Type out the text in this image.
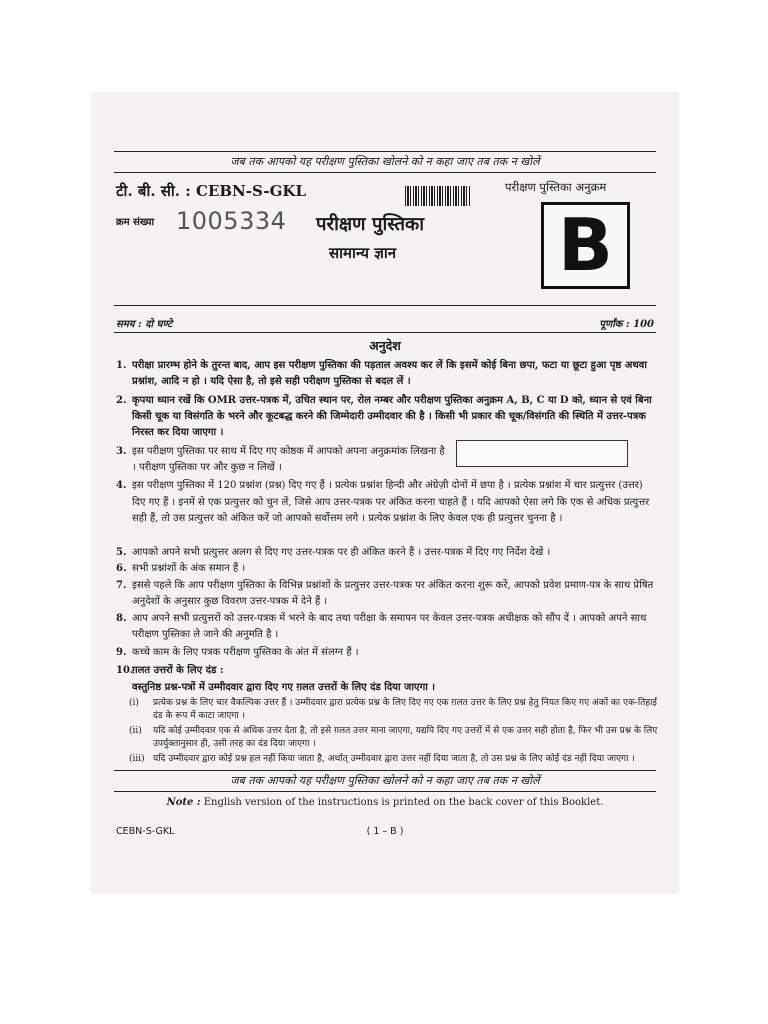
जब तक आपको यह परीक्षण पुस्तिका खोलने को न कहा जाए तब तक न खोलें
टी. बी. सी. : CEBN-S-GKL	परीक्षण पुस्तिका अनुक्रम
क्रम संख्या 1005334 परीक्षण पुस्तिका
सामान्य ज्ञान B
समय : दो घण्टे	पूर्णांक : 100
अनुदेश
1. परीक्षा प्रारम्भ होने के तुरन्त बाद, आप इस परीक्षण पुस्तिका की पड़ताल अवश्य कर लें कि इसमें कोई बिना छपा, फटा या छूटा हुआ पृष्ठ अथवा प्रश्नांश, आदि न हो । यदि ऐसा है, तो इसे सही परीक्षण पुस्तिका से बदल लें ।
2. कृपया ध्यान रखें कि OMR उत्तर-पत्रक में, उचित स्थान पर, रोल नम्बर और परीक्षण पुस्तिका अनुक्रम A, B, C या D को, ध्यान से एवं बिना किसी चूक या विसंगति के भरने और कूटबद्ध करने की जिम्मेदारी उम्मीदवार की है । किसी भी प्रकार की चूक/विसंगति की स्थिति में उत्तर-पत्रक निरस्त कर दिया जाएगा ।
3. इस परीक्षण पुस्तिका पर साथ में दिए गए कोष्ठक में आपको अपना अनुक्रमांक लिखना है । परीक्षण पुस्तिका पर और कुछ न लिखें ।
4. इस परीक्षण पुस्तिका में 120 प्रश्नांश (प्रश्न) दिए गए हैं । प्रत्येक प्रश्नांश हिन्दी और अंग्रेज़ी दोनों में छपा है । प्रत्येक प्रश्नांश में चार प्रत्युत्तर (उत्तर) दिए गए हैं । इनमें से एक प्रत्युत्तर को चुन लें, जिसे आप उत्तर-पत्रक पर अंकित करना चाहते हैं । यदि आपको ऐसा लगे कि एक से अधिक प्रत्युत्तर सही हैं, तो उस प्रत्युत्तर को अंकित करें जो आपको सर्वोत्तम लगे । प्रत्येक प्रश्नांश के लिए केवल एक ही प्रत्युत्तर चुनना है ।
5. आपको अपने सभी प्रत्युत्तर अलग से दिए गए उत्तर-पत्रक पर ही अंकित करने हैं । उत्तर-पत्रक में दिए गए निर्देश देखें ।
6. सभी प्रश्नांशों के अंक समान हैं ।
7. इससे पहले कि आप परीक्षण पुस्तिका के विभिन्न प्रश्नांशों के प्रत्युत्तर उत्तर-पत्रक पर अंकित करना शुरू करें, आपको प्रवेश प्रमाण-पत्र के साथ प्रेषित अनुदेशों के अनुसार कुछ विवरण उत्तर-पत्रक में देने हैं ।
8. आप अपने सभी प्रत्युत्तरों को उत्तर-पत्रक में भरने के बाद तथा परीक्षा के समापन पर केवल उत्तर-पत्रक अधीक्षक को सौंप दें । आपको अपने साथ परीक्षण पुस्तिका ले जाने की अनुमति है ।
9. कच्चे काम के लिए पत्रक परीक्षण पुस्तिका के अंत में संलग्न हैं ।
10.
ग़लत उत्तरों के लिए दंड :
वस्तुनिष्ठ प्रश्न-पत्रों में उम्मीदवार द्वारा दिए गए ग़लत उत्तरों के लिए दंड दिया जाएगा ।
(i) प्रत्येक प्रश्न के लिए चार वैकल्पिक उत्तर हैं । उम्मीदवार द्वारा प्रत्येक प्रश्न के लिए दिए गए एक ग़लत उत्तर के लिए प्रश्न हेतु नियत किए गए अंकों का एक-तिहाई दंड के रूप में काटा जाएगा ।
(ii) यदि कोई उम्मीदवार एक से अधिक उत्तर देता है, तो इसे ग़लत उत्तर माना जाएगा, यद्यपि दिए गए उत्तरों में से एक उत्तर सही होता है, फिर भी उस प्रश्न के लिए उपर्युक्तानुसार ही, उसी तरह का दंड दिया जाएगा ।
(iii) यदि उम्मीदवार द्वारा कोई प्रश्न हल नहीं किया जाता है, अर्थात् उम्मीदवार द्वारा उत्तर नहीं दिया जाता है, तो उस प्रश्न के लिए कोई दंड नहीं दिया जाएगा ।
जब तक आपको यह परीक्षण पुस्तिका खोलने को न कहा जाए तब तक न खोलें
Note : English version of the instructions is printed on the back cover of this Booklet.
CEBN-S-GKL	( 1 – B )
